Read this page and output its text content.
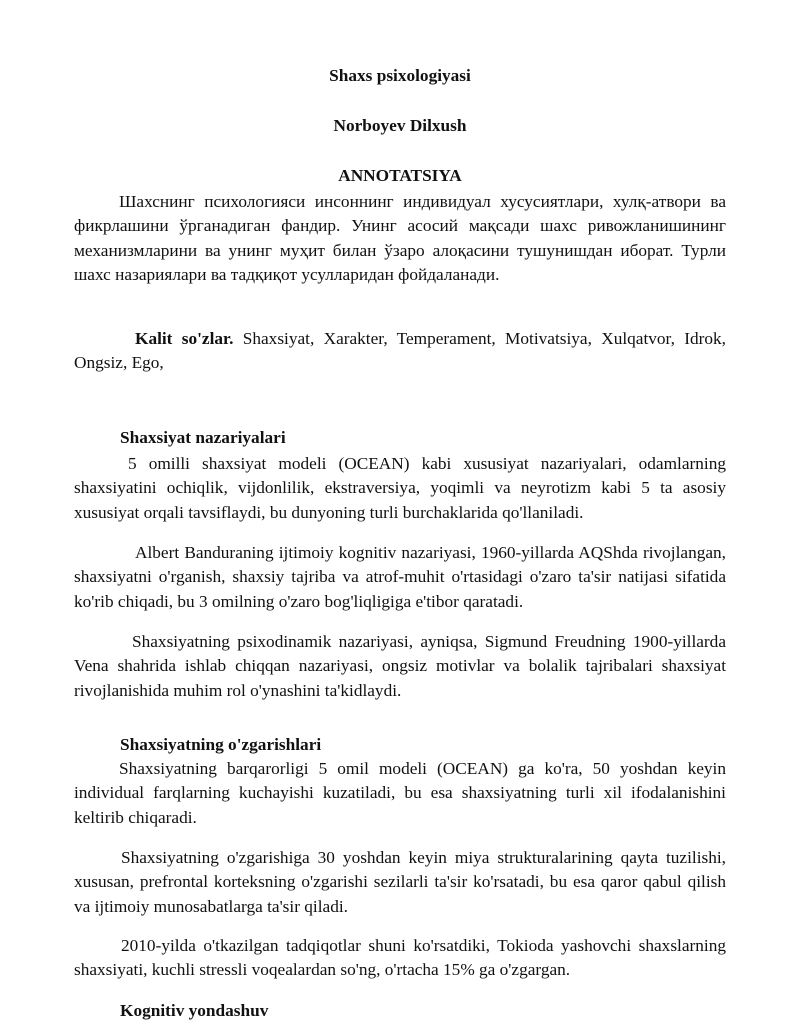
Shaxs psixologiyasi
Norboyev Dilxush
ANNOTATSIYA

Шахснинг психологияси инсоннинг индивидуал хусусиятлари, хулқ-атвори ва фикрлашини ўрганадиган фандир. Унинг асосий мақсади шахс ривожланишининг механизмларини ва унинг муҳит билан ўзаро алоқасини тушунишдан иборат. Турли шахс назариялари ва тадқиқот усулларидан фойдаланади.

Kalit so'zlar. Shaxsiyat, Xarakter, Temperament, Motivatsiya, Xulqatvor, Idrok, Ongsiz, Ego,

Shaxsiyat nazariyalari

5 omilli shaxsiyat modeli (OCEAN) kabi xususiyat nazariyalari, odamlarning shaxsiyatini ochiqlik, vijdonlilik, ekstraversiya, yoqimli va neyrotizm kabi 5 ta asosiy xususiyat orqali tavsiflaydi, bu dunyoning turli burchaklarida qo'llaniladi.

Albert Banduraning ijtimoiy kognitiv nazariyasi, 1960-yillarda AQShda rivojlangan, shaxsiyatni o'rganish, shaxsiy tajriba va atrof-muhit o'rtasidagi o'zaro ta'sir natijasi sifatida ko'rib chiqadi, bu 3 omilning o'zaro bog'liqligiga e'tibor qaratadi.

Shaxsiyatning psixodinamik nazariyasi, ayniqsa, Sigmund Freudning 1900-yillarda Vena shahrida ishlab chiqqan nazariyasi, ongsiz motivlar va bolalik tajribalari shaxsiyat rivojlanishida muhim rol o'ynashini ta'kidlaydi.

Shaxsiyatning o'zgarishlari

Shaxsiyatning barqarorligi 5 omil modeli (OCEAN) ga ko'ra, 50 yoshdan keyin individual farqlarning kuchayishi kuzatiladi, bu esa shaxsiyatning turli xil ifodalanishini keltirib chiqaradi.

Shaxsiyatning o'zgarishiga 30 yoshdan keyin miya strukturalarining qayta tuzilishi, xususan, prefrontal korteksning o'zgarishi sezilarli ta'sir ko'rsatadi, bu esa qaror qabul qilish va ijtimoiy munosabatlarga ta'sir qiladi.

2010-yilda o'tkazilgan tadqiqotlar shuni ko'rsatdiki, Tokioda yashovchi shaxslarning shaxsiyati, kuchli stressli voqealardan so'ng, o'rtacha 15% ga o'zgargan.

Kognitiv yondashuv
